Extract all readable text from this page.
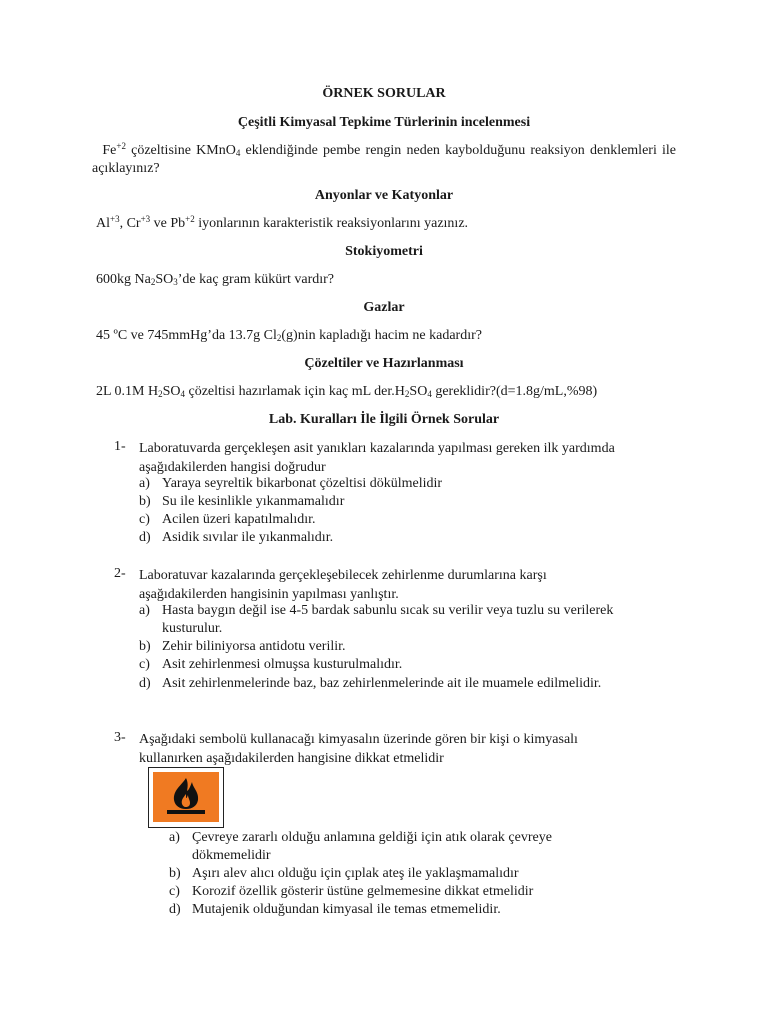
ÖRNEK SORULAR
Çeşitli Kimyasal Tepkime Türlerinin incelenmesi
$Fe^{+2}$ çözeltisine KMnO$_4$ eklendiğinde pembe rengin neden kaybolduğunu reaksiyon denklemleri ile açıklayınız?
Anyonlar ve Katyonlar
$Al^{+3}$, $Cr^{+3}$ ve $Pb^{+2}$ iyonlarının karakteristik reaksiyonlarını yazınız.
Stokiyometri
600kg $Na_2SO_3’de$ kaç gram kükürt vardır?
Gazlar
45 ºC ve 745mmHg’da 13.7g $Cl_2(g)nin$ kapladığı hacim ne kadardır?
Çözeltiler ve Hazırlanması
2L 0.1M $H_2SO_4$ çözeltisi hazırlamak için kaç mL $der.H_2SO_4$ gereklidir?(d=1.8g/mL,%98)
Lab. Kuralları İle İlgili Örnek Sorular
1- Laboratuvarda gerçekleşen asit yanıkları kazalarında yapılması gereken ilk yardımda aşağıdakilerden hangisi doğrudur
a) Yaraya seyreltik bikarbonat çözeltisi dökülmelidir
b) Su ile kesinlikle yıkanmamalıdır
c) Acilen üzeri kapatılmalıdır.
d) Asidik sıvılar ile yıkanmalıdır.
2- Laboratuvar kazalarında gerçekleşebilecek zehirlenme durumlarına karşı aşağıdakilerden hangisinin yapılması yanlıştır.
a) Hasta baygın değil ise 4-5 bardak sabunlu sıcak su verilir veya tuzlu su verilerek
kusturulur.
b) Zehir biliniyorsa antidotu verilir.
c) Asit zehirlenmesi olmuşsa kusturulmalıdır.
d) Asit zehirlenmelerinde baz, baz zehirlenmelerinde ait ile muamele edilmelidir.
3- Aşağıdaki sembolü kullanacağı kimyasalın üzerinde gören bir kişi o kimyasalı kullanırken aşağıdakilerden hangisine dikkat etmelidir
a) Çevreye zararlı olduğu anlamına geldiği için atık olarak çevreye
dökmemelidir
b) Aşırı alev alıcı olduğu için çıplak ateş ile yaklaşmamalıdır
c) Korozif özellik gösterir üstüne gelmemesine dikkat etmelidir
d) Mutajenik olduğundan kimyasal ile temas etmemelidir.
